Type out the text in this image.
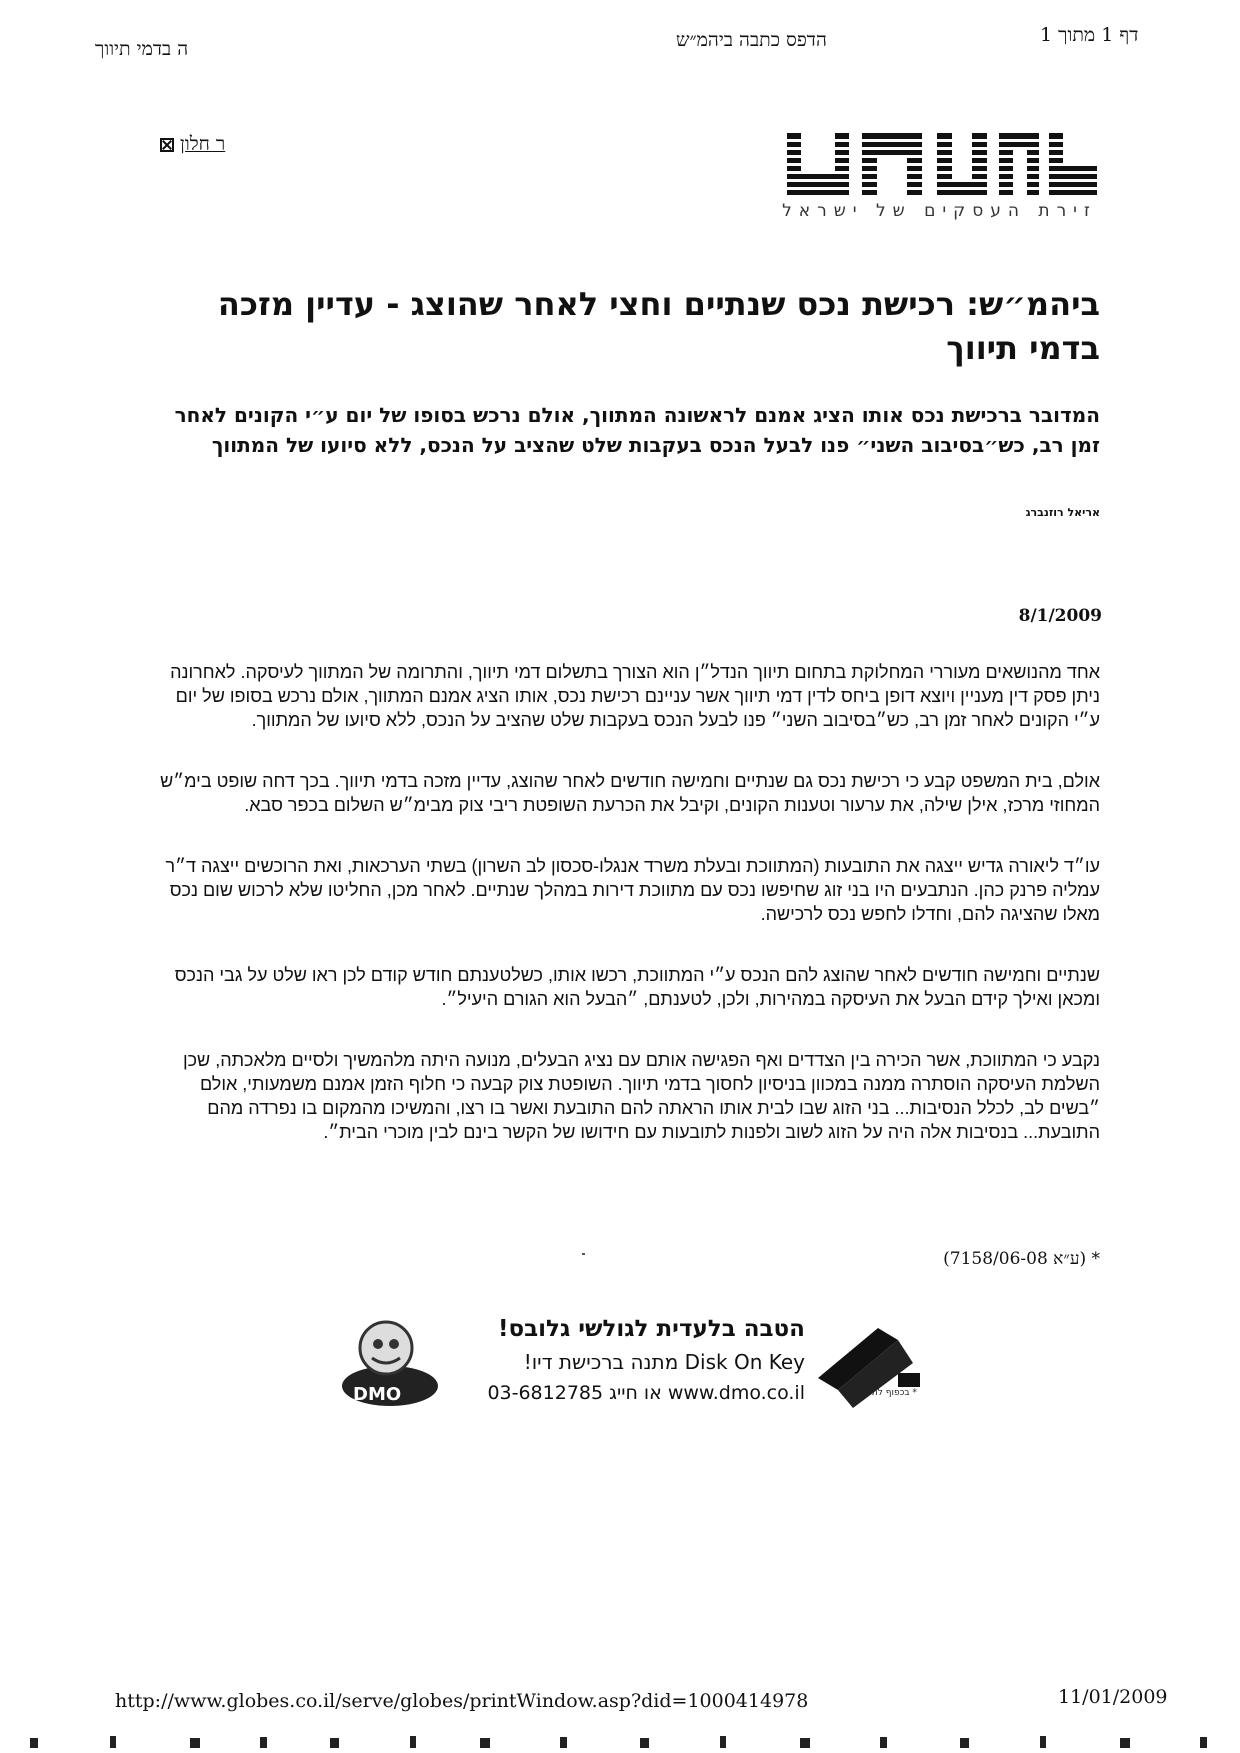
דף 1 מתוך 1
הדפס כתבה ביהמ״ש
ה בדמי תיווך
ר חלון
זירת העסקים של ישראל
ביהמ״ש: רכישת נכס שנתיים וחצי לאחר שהוצג - עדיין מזכה בדמי תיווך
המדובר ברכישת נכס אותו הציג אמנם לראשונה המתווך, אולם נרכש בסופו של יום ע״י הקונים לאחר זמן רב, כש״בסיבוב השני״ פנו לבעל הנכס בעקבות שלט שהציב על הנכס, ללא סיועו של המתווך
אריאל רוזנברג
8/1/2009

אחד מהנושאים מעוררי המחלוקת בתחום תיווך הנדל״ן הוא הצורך בתשלום דמי תיווך, והתרומה של המתווך לעיסקה. לאחרונה ניתן פסק דין מעניין ויוצא דופן ביחס לדין דמי תיווך אשר עניינם רכישת נכס, אותו הציג אמנם המתווך, אולם נרכש בסופו של יום ע״י הקונים לאחר זמן רב, כש״בסיבוב השני״ פנו לבעל הנכס בעקבות שלט שהציב על הנכס, ללא סיועו של המתווך.

אולם, בית המשפט קבע כי רכישת נכס גם שנתיים וחמישה חודשים לאחר שהוצג, עדיין מזכה בדמי תיווך. בכך דחה שופט בימ״ש המחוזי מרכז, אילן שילה, את ערעור וטענות הקונים, וקיבל את הכרעת השופטת ריבי צוק מבימ״ש השלום בכפר סבא.

עו״ד ליאורה גדיש ייצגה את התובעות (המתווכת ובעלת משרד אנגלו-סכסון לב השרון) בשתי הערכאות, ואת הרוכשים ייצגה ד״ר עמליה פרנק כהן. הנתבעים היו בני זוג שחיפשו נכס עם מתווכת דירות במהלך שנתיים. לאחר מכן, החליטו שלא לרכוש שום נכס מאלו שהציגה להם, וחדלו לחפש נכס לרכישה.

שנתיים וחמישה חודשים לאחר שהוצג להם הנכס ע״י המתווכת, רכשו אותו, כשלטענתם חודש קודם לכן ראו שלט על גבי הנכס ומכאן ואילך קידם הבעל את העיסקה במהירות, ולכן, לטענתם, ״הבעל הוא הגורם היעיל״.

נקבע כי המתווכת, אשר הכירה בין הצדדים ואף הפגישה אותם עם נציג הבעלים, מנועה היתה מלהמשיך ולסיים מלאכתה, שכן השלמת העיסקה הוסתרה ממנה במכוון בניסיון לחסוך בדמי תיווך. השופטת צוק קבעה כי חלוף הזמן אמנם משמעותי, אולם ״בשים לב, לכלל הנסיבות... בני הזוג שבו לבית אותו הראתה להם התובעת ואשר בו רצו, והמשיכו מהמקום בו נפרדה מהם התובעת... בנסיבות אלה היה על הזוג לשוב ולפנות לתובעות עם חידושו של הקשר בינם לבין מוכרי הבית״.

(ע״א 7158/06-08) *
DMO
הטבה בלעדית לגולשי גלובס!
Disk On Key מתנה ברכישת דיו!
www.dmo.co.il או חייג 03-6812785	* בכפוף לתקנון
http://www.globes.co.il/serve/globes/printWindow.asp?did=1000414978	11/01/2009
